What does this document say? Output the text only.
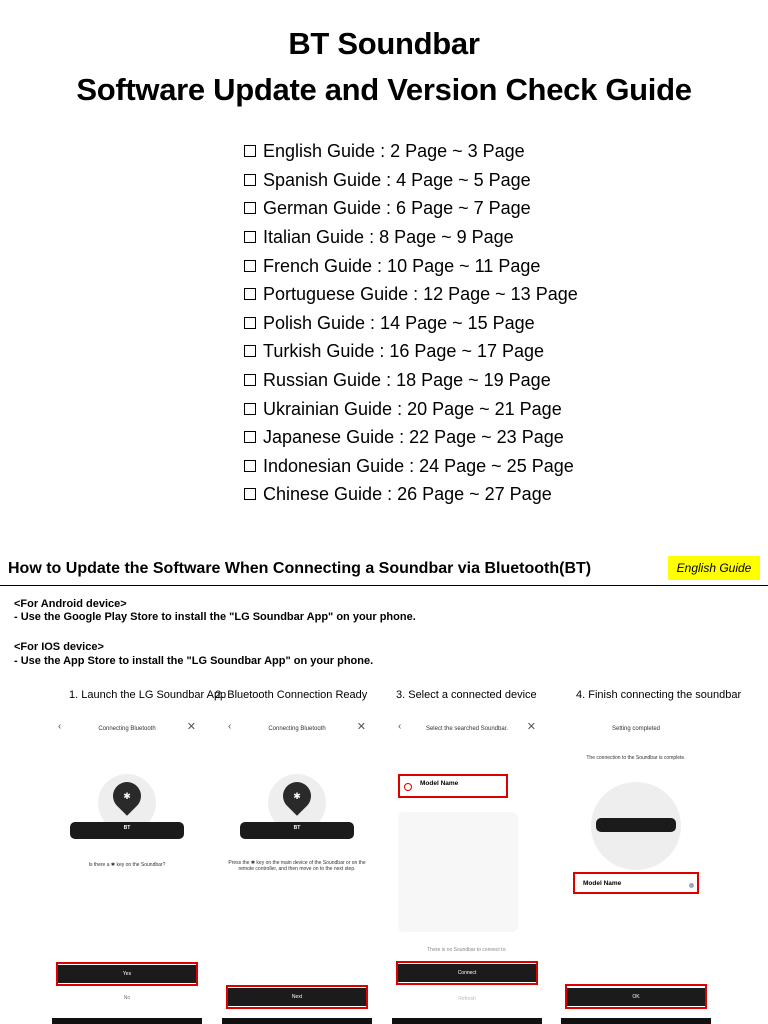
BT Soundbar
Software Update and Version Check Guide
English Guide : 2 Page ~ 3 Page
Spanish Guide : 4 Page ~ 5 Page
German Guide : 6 Page ~ 7 Page
Italian Guide : 8 Page ~ 9 Page
French Guide : 10 Page ~ 11 Page
Portuguese Guide : 12 Page ~ 13 Page
Polish Guide : 14 Page ~ 15 Page
Turkish Guide : 16 Page ~ 17 Page
Russian Guide : 18 Page ~ 19 Page
Ukrainian Guide : 20 Page ~ 21 Page
Japanese Guide : 22 Page ~ 23 Page
Indonesian Guide : 24 Page ~ 25 Page
Chinese Guide : 26 Page ~ 27 Page
How to Update the Software When Connecting a Soundbar via Bluetooth(BT)	English Guide
<For Android device>
- Use the Google Play Store to install the "LG Soundbar App" on your phone.
<For IOS device>
- Use the App Store to install the "LG Soundbar App" on your phone.
1. Launch the LG Soundbar App
2. Bluetooth Connection Ready	3. Select a connected device	4. Finish connecting the soundbar
‹	Connecting Bluetooth	✕
✱
BT
Is there a ✱ key on the Soundbar?
Yes
No
‹	Connecting Bluetooth	✕
✱
BT
Press the ✱ key on the main device of the Soundbar or on the remote controller, and then move on to the next step.
Next
‹	Select the searched Soundbar.	✕
Model Name
There is no Soundbar to connect to.
Connect
Refresh
Setting completed
The connection to the Soundbar is complete.
Model Name
OK
